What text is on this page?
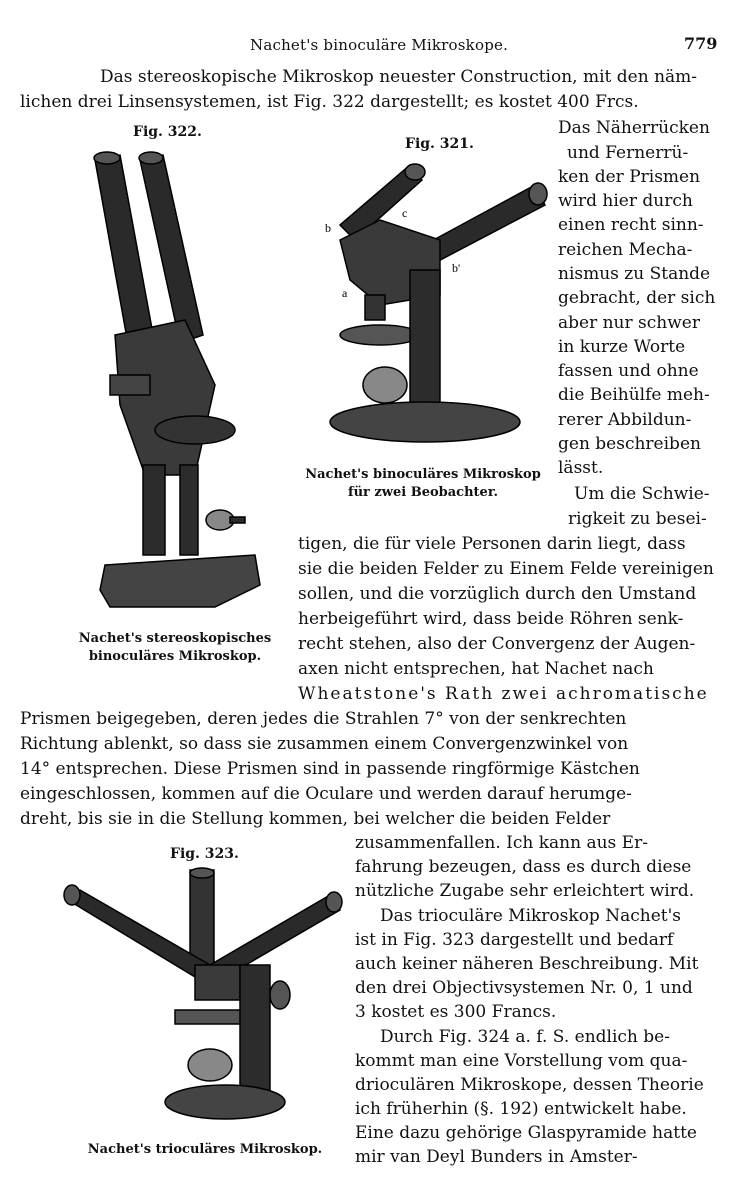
Nachet's binoculäre Mikroskope.	779
Das stereoskopische Mikroskop neuester Construction, mit den näm-
lichen drei Linsensystemen, ist Fig. 322 dargestellt; es kostet 400 Frcs.
Fig. 322.
Nachet's stereoskopisches
binoculäres Mikroskop.
Fig. 321.
c
b
b'
a
Nachet's binoculäres Mikroskop
für zwei Beobachter.
Das Näherrücken
und Fernerrü-
ken der Prismen
wird hier durch
einen recht sinn-
reichen Mecha-
nismus zu Stande
gebracht, der sich
aber nur schwer
in kurze Worte
fassen und ohne
die Beihülfe meh-
rerer Abbildun-
gen beschreiben
lässt.
Um die Schwie-
rigkeit zu besei-
tigen, die für viele Personen darin liegt, dass
sie die beiden Felder zu Einem Felde vereinigen
sollen, und die vorzüglich durch den Umstand
herbeigeführt wird, dass beide Röhren senk-
recht stehen, also der Convergenz der Augen-
axen nicht entsprechen, hat Nachet nach
Wheatstone's Rath zwei achromatische
Prismen beigegeben, deren jedes die Strahlen 7° von der senkrechten
Richtung ablenkt, so dass sie zusammen einem Convergenzwinkel von
14° entsprechen. Diese Prismen sind in passende ringförmige Kästchen
eingeschlossen, kommen auf die Oculare und werden darauf herumge-
dreht, bis sie in die Stellung kommen, bei welcher die beiden Felder
Fig. 323.
Nachet's trioculäres Mikroskop.
zusammenfallen. Ich kann aus Er-
fahrung bezeugen, dass es durch diese
nützliche Zugabe sehr erleichtert wird.
Das trioculäre Mikroskop Nachet's
ist in Fig. 323 dargestellt und bedarf
auch keiner näheren Beschreibung. Mit
den drei Objectivsystemen Nr. 0, 1 und
3 kostet es 300 Francs.
Durch Fig. 324 a. f. S. endlich be-
kommt man eine Vorstellung vom qua-
drioculären Mikroskope, dessen Theorie
ich früherhin (§. 192) entwickelt habe.
Eine dazu gehörige Glaspyramide hatte
mir van Deyl Bunders in Amster-
